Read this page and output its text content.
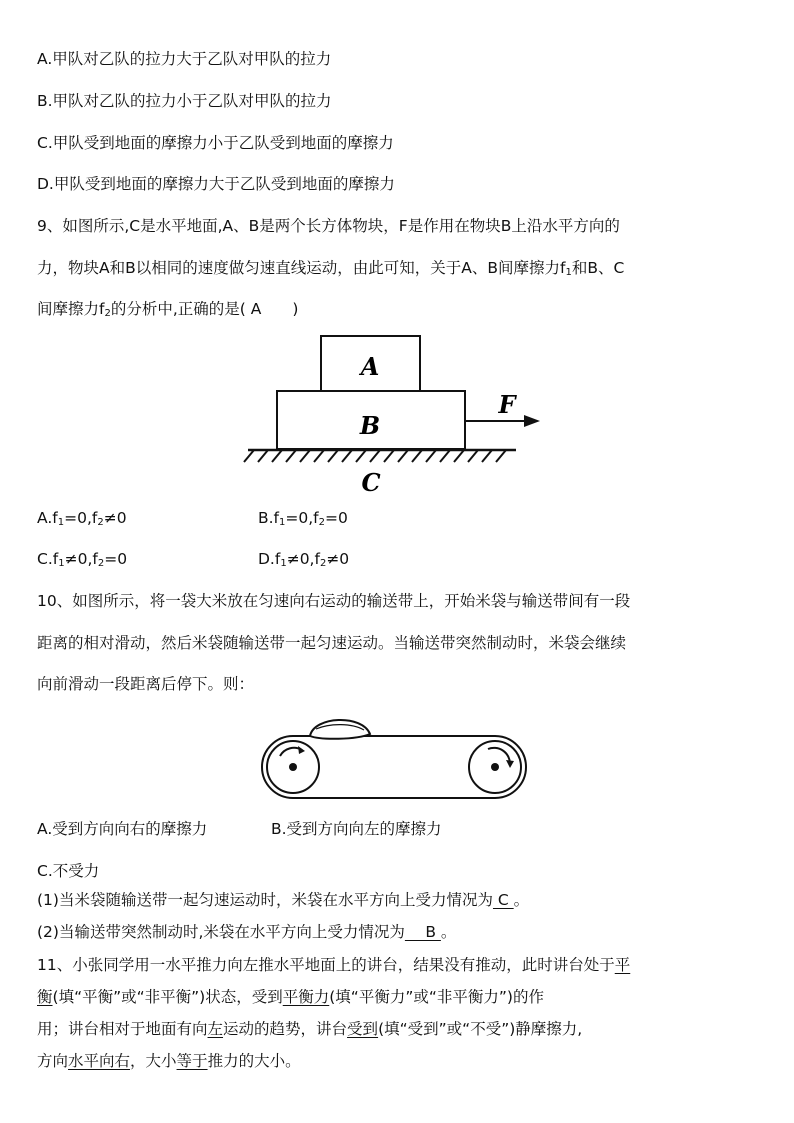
A.甲队对乙队的拉力大于乙队对甲队的拉力
B.甲队对乙队的拉力小于乙队对甲队的拉力
C.甲队受到地面的摩擦力小于乙队受到地面的摩擦力
D.甲队受到地面的摩擦力大于乙队受到地面的摩擦力
9、如图所示,C是水平地面,A、B是两个长方体物块，F是作用在物块B上沿水平方向的
力，物块A和B以相同的速度做匀速直线运动，由此可知，关于A、B间摩擦力$f_1$和B、C
间摩擦力$f_2$的分析中,正确的是( A　　)
A
B
F
C
$A.f_1=0,f_2\ne 0$	$B.f_1=0,f_2=0$
$C.f_1\ne 0,f_2=0$	$D.f_1\ne 0,f_2\ne 0$
10、如图所示，将一袋大米放在匀速向右运动的输送带上，开始米袋与输送带间有一段
距离的相对滑动，然后米袋随输送带一起匀速运动。当输送带突然制动时，米袋会继续
向前滑动一段距离后停下。则：
A.受到方向向右的摩擦力	B.受到方向向左的摩擦力
C.不受力
(1)当米袋随输送带一起匀速运动时，米袋在水平方向上受力情况为 C 。
(2)当输送带突然制动时,米袋在水平方向上受力情况为　 B 。
11、小张同学用一水平推力向左推水平地面上的讲台，结果没有推动，此时讲台处于平
衡(填“平衡”或“非平衡”)状态，受到平衡力(填“平衡力”或“非平衡力”)的作
用；讲台相对于地面有向左运动的趋势，讲台受到(填“受到”或“不受”)静摩擦力,
方向水平向右，大小等于推力的大小。
